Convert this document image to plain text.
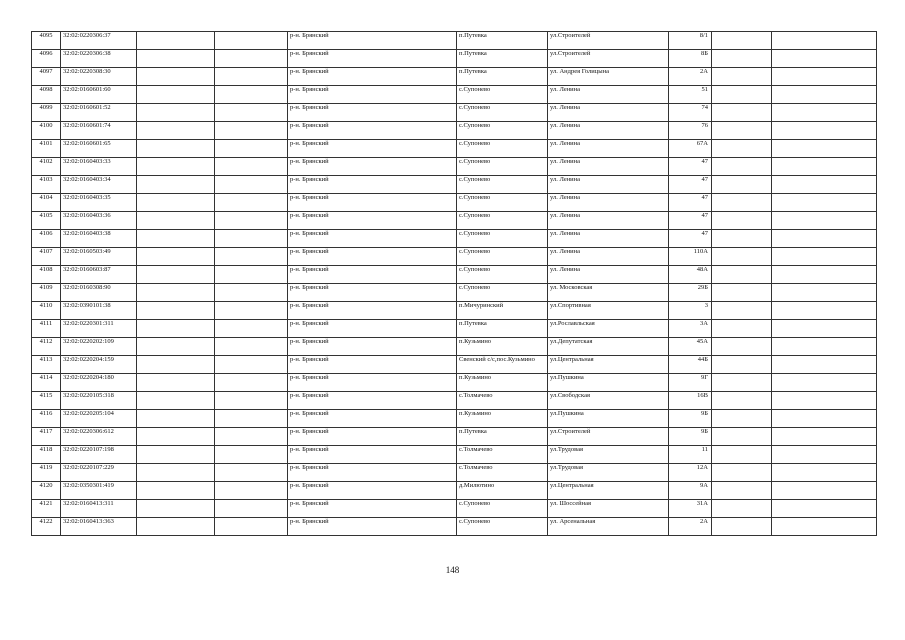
4095	32:02:0220306:37			р-н. Брянский	п.Путевка	ул.Строителей	8/1		
4096	32:02:0220306:38			р-н. Брянский	п.Путевка	ул.Строителей	8Б		
4097	32:02:0220308:30			р-н. Брянский	п.Путевка	ул. Андрея Голицына	2А		
4098	32:02:0160601:60			р-н. Брянский	с.Супонево	ул. Ленина	51		
4099	32:02:0160601:52			р-н. Брянский	с.Супонево	ул. Ленина	74		
4100	32:02:0160601:74			р-н. Брянский	с.Супонево	ул. Ленина	76		
4101	32:02:0160601:65			р-н. Брянский	с.Супонево	ул. Ленина	67А		
4102	32:02:0160403:33			р-н. Брянский	с.Супонево	ул. Ленина	47		
4103	32:02:0160403:34			р-н. Брянский	с.Супонево	ул. Ленина	47		
4104	32:02:0160403:35			р-н. Брянский	с.Супонево	ул. Ленина	47		
4105	32:02:0160403:36			р-н. Брянский	с.Супонево	ул. Ленина	47		
4106	32:02:0160403:38			р-н. Брянский	с.Супонево	ул. Ленина	47		
4107	32:02:0160503:49			р-н. Брянский	с.Супонево	ул. Ленина	110А		
4108	32:02:0160603:87			р-н. Брянский	с.Супонево	ул. Ленина	48А		
4109	32:02:0160308:90			р-н. Брянский	с.Супонево	ул. Московская	29Б		
4110	32:02:0390101:38			р-н. Брянский	п.Мичуринский	ул.Спортивная	3		
4111	32:02:0220301:311			р-н. Брянский	п.Путевка	ул.Рославльская	3А		
4112	32:02:0220202:109			р-н. Брянский	п.Кузьмино	ул.Депутатская	45А		
4113	32:02:0220204:159			р-н. Брянский	Свенский с/с,пос.Кузьмино	ул.Центральная	44Б		
4114	32:02:0220204:180			р-н. Брянский	п.Кузьмино	ул.Пушкина	9Г		
4115	32:02:0220105:318			р-н. Брянский	с.Толмачево	ул.Свободская	16В		
4116	32:02:0220205:104			р-н. Брянский	п.Кузьмино	ул.Пушкина	9Б		
4117	32:02:0220306:612			р-н. Брянский	п.Путевка	ул.Строителей	9Б		
4118	32:02:0220107:198			р-н. Брянский	с.Толмачево	ул.Трудовая	11		
4119	32:02:0220107:229			р-н. Брянский	с.Толмачево	ул.Трудовая	12А		
4120	32:02:0350301:419			р-н. Брянский	д.Милютино	ул.Центральная	9А		
4121	32:02:0160413:311			р-н. Брянский	с.Супонево	ул. Шоссейная	31А		
4122	32:02:0160413:363			р-н. Брянский	с.Супонево	ул. Арсенальная	2А		
148
